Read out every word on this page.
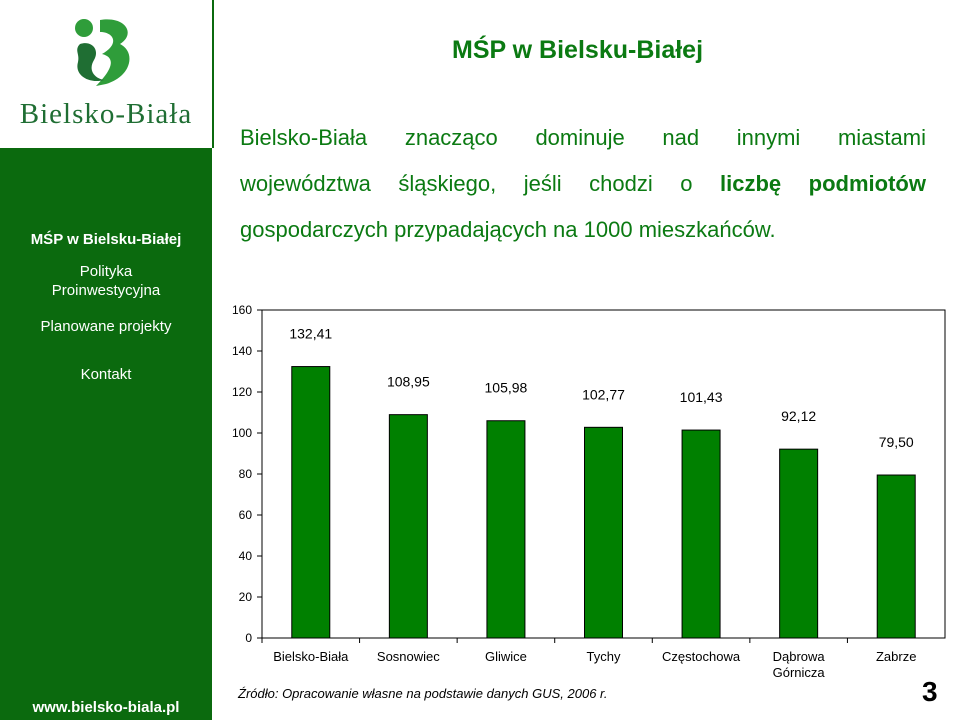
Bielsko-Biała
MŚP w Bielsku-Białej
Polityka Proinwestycyjna
Planowane projekty
Kontakt
www.bielsko-biala.pl
MŚP w Bielsku-Białej
Bielsko-Biała znacząco dominuje nad innymi miastami
województwa śląskiego, jeśli chodzi o liczbę podmiotów
gospodarczych przypadających na 1000 mieszkańców.
0
20
40
60
80
100
120
140
160
132,41
Bielsko-Biała
108,95
Sosnowiec
105,98
Gliwice
102,77
Tychy
101,43
Częstochowa
92,12
Dąbrowa
Górnicza
79,50
Zabrze
Źródło: Opracowanie własne na podstawie danych GUS, 2006 r.	3
